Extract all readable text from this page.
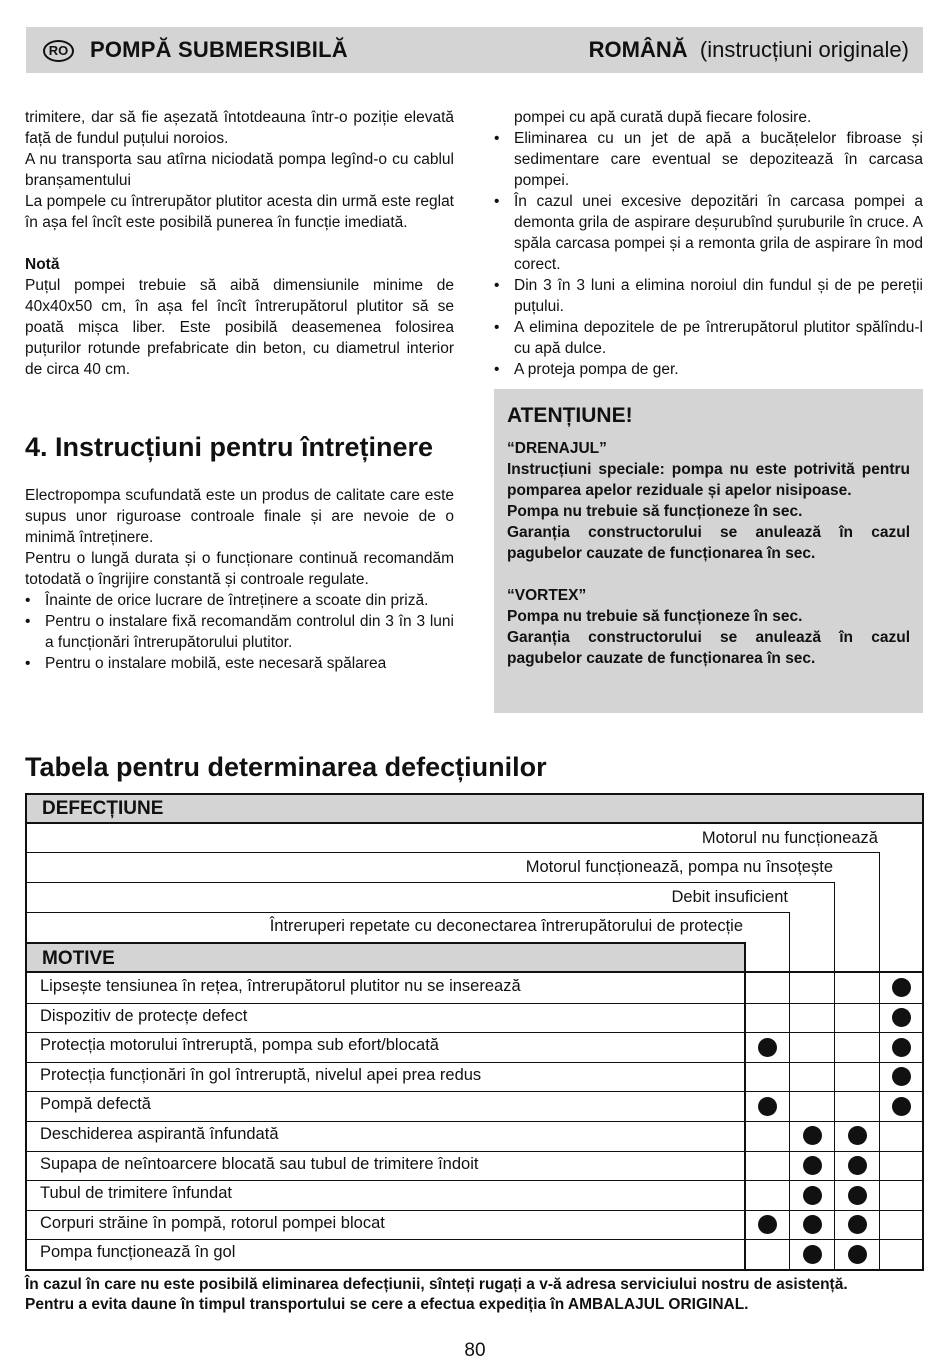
RO POMPĂ SUBMERSIBILĂ	ROMÂNĂ (instrucțiuni originale)

trimitere, dar să fie așezată întotdeauna într-o poziție elevată față de fundul puțului noroios.

A nu transporta sau atîrna niciodată pompa legînd-o cu cablul branșamentului

La pompele cu întrerupător plutitor acesta din urmă este reglat în așa fel încît este posibilă punerea în funcție imediată.

Notă

Puțul pompei trebuie să aibă dimensiunile minime de 40x40x50 cm, în așa fel încît întrerupătorul plutitor să se poată mișca liber. Este posibilă deasemenea folosirea puțurilor rotunde prefabricate din beton, cu diametrul interior de circa 40 cm.

4. Instrucțiuni pentru întreținere

Electropompa scufundată este un produs de calitate care este supus unor riguroase controale finale și are nevoie de o minimă întreținere.

Pentru o lungă durata și o funcționare continuă recomandăm totodată o îngrijire constantă și controale regulate.

• Înainte de orice lucrare de întreținere a scoate din priză.
• Pentru o instalare fixă recomandăm controlul din 3 în 3 luni a funcționări întrerupătorului plutitor.
• Pentru o instalare mobilă, este necesară spălarea

pompei cu apă curată după fiecare folosire.

• Eliminarea cu un jet de apă a bucățelelor fibroase și sedimentare care eventual se depozitează în carcasa pompei.
• În cazul unei excesive depozitări în carcasa pompei a demonta grila de aspirare deșurubînd șuruburile în cruce. A spăla carcasa pompei și a remonta grila de aspirare în mod corect.
• Din 3 în 3 luni a elimina noroiul din fundul și de pe pereții puțului.
• A elimina depozitele de pe întrerupătorul plutitor spălîndu-l cu apă dulce.
• A proteja pompa de ger.
ATENȚIUNE!

“DRENAJUL”

Instrucțiuni speciale: pompa nu este potrivită pentru pomparea apelor reziduale și apelor nisipoase.

Pompa nu trebuie să funcționeze în sec.

Garanția constructorului se anulează în cazul pagubelor cauzate de funcționarea în sec.

“VORTEX”

Pompa nu trebuie să funcționeze în sec.

Garanția constructorului se anulează în cazul pagubelor cauzate de funcționarea în sec.

Tabela pentru determinarea defecțiunilor
DEFECȚIUNE
MOTIVE
Motorul nu funcționează
Motorul funcționează, pompa nu însoțește
Debit insuficient
Întreruperi repetate cu deconectarea întrerupătorului de protecție
Lipsește tensiunea în rețea, întrerupătorul plutitor nu se inserează
Dispozitiv de protecțe defect
Protecția motorului întreruptă, pompa sub efort/blocată
Protecția funcționări în gol întreruptă, nivelul apei prea redus
Pompă defectă
Deschiderea aspirantă înfundată
Supapa de neîntoarcere blocată sau tubul de trimitere îndoit
Tubul de trimitere înfundat
Corpuri străine în pompă, rotorul pompei blocat
Pompa funcționează în gol

În cazul în care nu este posibilă eliminarea defecțiunii, sînteți rugați a v-ă adresa serviciului nostru de asistență.

Pentru a evita daune în timpul transportului se cere a efectua expediția în AMBALAJUL ORIGINAL.

80
